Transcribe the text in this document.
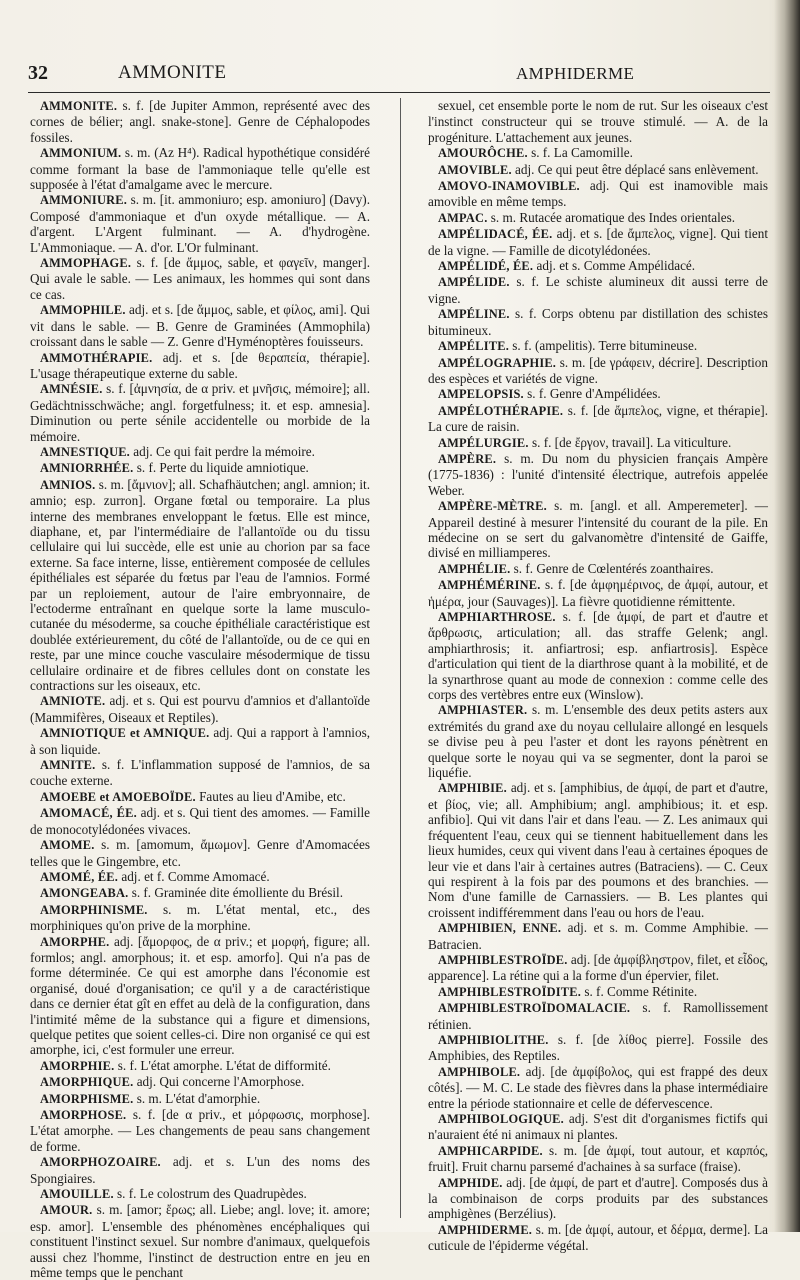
32	AMMONITE	AMPHIDERME

AMMONITE. s. f. [de Jupiter Ammon, représenté avec des cornes de bélier; angl. snake-stone]. Genre de Céphalopodes fossiles.

AMMONIUM. s. m. (Az H⁴). Radical hypothétique considéré comme formant la base de l'ammoniaque telle qu'elle est supposée à l'état d'amalgame avec le mercure.

AMMONIURE. s. m. [it. ammoniuro; esp. amoniuro] (Davy). Composé d'ammoniaque et d'un oxyde métallique. — A. d'argent. L'Argent fulminant. — A. d'hydrogène. L'Ammoniaque. — A. d'or. L'Or fulminant.

AMMOPHAGE. s. f. [de ἄμμος, sable, et φαγεῖν, manger]. Qui avale le sable. — Les animaux, les hommes qui sont dans ce cas.

AMMOPHILE. adj. et s. [de ἄμμος, sable, et φίλος, ami]. Qui vit dans le sable. — B. Genre de Graminées (Ammophila) croissant dans le sable — Z. Genre d'Hyménoptères fouisseurs.

AMMOTHÉRAPIE. adj. et s. [de θεραπεία, thérapie]. L'usage thérapeutique externe du sable.

AMNÉSIE. s. f. [ἀμνησία, de α priv. et μνῆσις, mémoire]; all. Gedächtnisschwäche; angl. forgetfulness; it. et esp. amnesia]. Diminution ou perte sénile accidentelle ou morbide de la mémoire.

AMNESTIQUE. adj. Ce qui fait perdre la mémoire.

AMNIORRHÉE. s. f. Perte du liquide amniotique.

AMNIOS. s. m. [ἄμνιον]; all. Schafhäutchen; angl. amnion; it. amnio; esp. zurron]. Organe fœtal ou temporaire. La plus interne des membranes enveloppant le fœtus. Elle est mince, diaphane, et, par l'intermédiaire de l'allantoïde ou du tissu cellulaire qui lui succède, elle est unie au chorion par sa face externe. Sa face interne, lisse, entièrement composée de cellules épithéliales est séparée du fœtus par l'eau de l'amnios. Formé par un reploiement, autour de l'aire embryonnaire, de l'ectoderme entraînant en quelque sorte la lame musculo-cutanée du mésoderme, sa couche épithéliale caractéristique est doublée extérieurement, du côté de l'allantoïde, ou de ce qui en reste, par une mince couche vasculaire mésodermique de tissu cellulaire ordinaire et de fibres cellules dont on constate les contractions sur les oiseaux, etc.

AMNIOTE. adj. et s. Qui est pourvu d'amnios et d'allantoïde (Mammifères, Oiseaux et Reptiles).

AMNIOTIQUE et AMNIQUE. adj. Qui a rapport à l'amnios, à son liquide.

AMNITE. s. f. L'inflammation supposé de l'amnios, de sa couche externe.

AMOEBE et AMOEBOÏDE. Fautes au lieu d'Amibe, etc.

AMOMACÉ, ÉE. adj. et s. Qui tient des amomes. — Famille de monocotylédonées vivaces.

AMOME. s. m. [amomum, ἄμωμον]. Genre d'Amomacées telles que le Gingembre, etc.

AMOMÉ, ÉE. adj. et f. Comme Amomacé.

AMONGEABA. s. f. Graminée dite émolliente du Brésil.

AMORPHINISME. s. m. L'état mental, etc., des morphiniques qu'on prive de la morphine.

AMORPHE. adj. [ἄμορφος, de α priv.; et μορφή, figure; all. formlos; angl. amorphous; it. et esp. amorfo]. Qui n'a pas de forme déterminée. Ce qui est amorphe dans l'économie est organisé, doué d'organisation; ce qu'il y a de caractéristique dans ce dernier état gît en effet au delà de la configuration, dans l'intimité même de la substance qui a figure et dimensions, quelque petites que soient celles-ci. Dire non organisé ce qui est amorphe, ici, c'est formuler une erreur.

AMORPHIE. s. f. L'état amorphe. L'état de difformité.

AMORPHIQUE. adj. Qui concerne l'Amorphose.

AMORPHISME. s. m. L'état d'amorphie.

AMORPHOSE. s. f. [de α priv., et μόρφωσις, morphose]. L'état amorphe. — Les changements de peau sans changement de forme.

AMORPHOZOAIRE. adj. et s. L'un des noms des Spongiaires.

AMOUILLE. s. f. Le colostrum des Quadrupèdes.

AMOUR. s. m. [amor; ἔρως; all. Liebe; angl. love; it. amore; esp. amor]. L'ensemble des phénomènes encéphaliques qui constituent l'instinct sexuel. Sur nombre d'animaux, quelquefois aussi chez l'homme, l'instinct de destruction entre en jeu en même temps que le penchant

sexuel, cet ensemble porte le nom de rut. Sur les oiseaux c'est l'instinct constructeur qui se trouve stimulé. — A. de la progéniture. L'attachement aux jeunes.

AMOURÔCHE. s. f. La Camomille.

AMOVIBLE. adj. Ce qui peut être déplacé sans enlèvement.

AMOVO-INAMOVIBLE. adj. Qui est inamovible mais amovible en même temps.

AMPAC. s. m. Rutacée aromatique des Indes orientales.

AMPÉLIDACÉ, ÉE. adj. et s. [de ἄμπελος, vigne]. Qui tient de la vigne. — Famille de dicotylédonées.

AMPÉLIDÉ, ÉE. adj. et s. Comme Ampélidacé.

AMPÉLIDE. s. f. Le schiste alumineux dit aussi terre de vigne.

AMPÉLINE. s. f. Corps obtenu par distillation des schistes bitumineux.

AMPÉLITE. s. f. (ampelitis). Terre bitumineuse.

AMPÉLOGRAPHIE. s. m. [de γράφειν, décrire]. Description des espèces et variétés de vigne.

AMPELOPSIS. s. f. Genre d'Ampélidées.

AMPÉLOTHÉRAPIE. s. f. [de ἄμπελος, vigne, et thérapie]. La cure de raisin.

AMPÉLURGIE. s. f. [de ἔργον, travail]. La viticulture.

AMPÈRE. s. m. Du nom du physicien français Ampère (1775-1836) : l'unité d'intensité électrique, autrefois appelée Weber.

AMPÈRE-MÈTRE. s. m. [angl. et all. Amperemeter]. — Appareil destiné à mesurer l'intensité du courant de la pile. En médecine on se sert du galvanomètre d'intensité de Gaiffe, divisé en milliamperes.

AMPHÉLIE. s. f. Genre de Cœlentérés zoanthaires.

AMPHÉMÉRINE. s. f. [de ἀμφημέρινος, de ἀμφί, autour, et ἡμέρα, jour (Sauvages)]. La fièvre quotidienne rémittente.

AMPHIARTHROSE. s. f. [de ἀμφί, de part et d'autre et ἄρθρωσις, articulation; all. das straffe Gelenk; angl. amphiarthrosis; it. anfiartrosi; esp. anfiartrosis]. Espèce d'articulation qui tient de la diarthrose quant à la mobilité, et de la synarthrose quant au mode de connexion : comme celle des corps des vertèbres entre eux (Winslow).

AMPHIASTER. s. m. L'ensemble des deux petits asters aux extrémités du grand axe du noyau cellulaire allongé en lesquels se divise peu à peu l'aster et dont les rayons pénètrent en quelque sorte le noyau qui va se segmenter, dont la paroi se liquéfie.

AMPHIBIE. adj. et s. [amphibius, de ἀμφί, de part et d'autre, et βίος, vie; all. Amphibium; angl. amphibious; it. et esp. anfibio]. Qui vit dans l'air et dans l'eau. — Z. Les animaux qui fréquentent l'eau, ceux qui se tiennent habituellement dans les lieux humides, ceux qui vivent dans l'eau à certaines époques de leur vie et dans l'air à certaines autres (Batraciens). — C. Ceux qui respirent à la fois par des poumons et des branchies. — Nom d'une famille de Carnassiers. — B. Les plantes qui croissent indifféremment dans l'eau ou hors de l'eau.

AMPHIBIEN, ENNE. adj. et s. m. Comme Amphibie. — Batracien.

AMPHIBLESTROÏDE. adj. [de ἀμφίβληστρον, filet, et εἶδος, apparence]. La rétine qui a la forme d'un épervier, filet.

AMPHIBLESTROÏDITE. s. f. Comme Rétinite.

AMPHIBLESTROÏDOMALACIE. s. f. Ramollissement rétinien.

AMPHIBIOLITHE. s. f. [de λίθος pierre]. Fossile des Amphibies, des Reptiles.

AMPHIBOLE. adj. [de ἀμφίβολος, qui est frappé des deux côtés]. — M. C. Le stade des fièvres dans la phase intermédiaire entre la période stationnaire et celle de défervescence.

AMPHIBOLOGIQUE. adj. S'est dit d'organismes fictifs qui n'auraient été ni animaux ni plantes.

AMPHICARPIDE. s. m. [de ἀμφί, tout autour, et καρπός, fruit]. Fruit charnu parsemé d'achaines à sa surface (fraise).

AMPHIDE. adj. [de ἀμφί, de part et d'autre]. Composés dus à la combinaison de corps produits par des substances amphigènes (Berzélius).

AMPHIDERME. s. m. [de ἀμφί, autour, et δέρμα, derme]. La cuticule de l'épiderme végétal.
